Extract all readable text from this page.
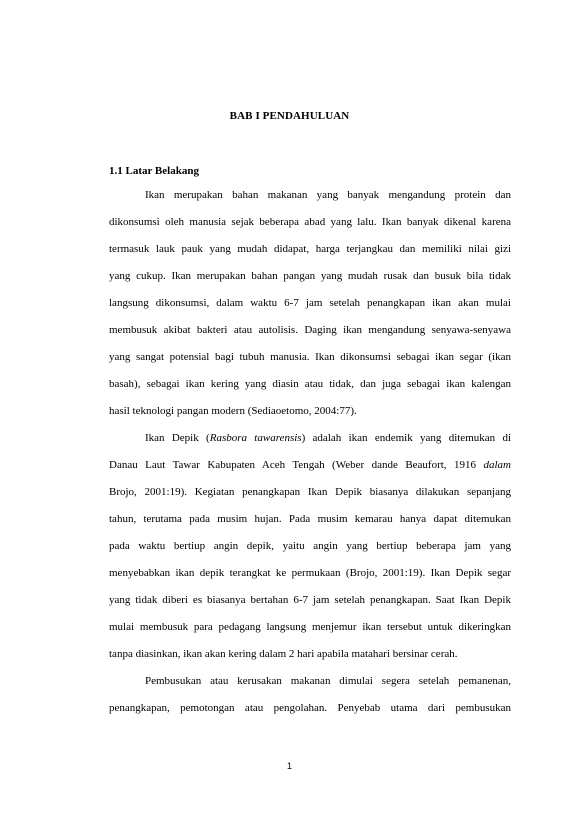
BAB I PENDAHULUAN
1.1 Latar Belakang
Ikan merupakan bahan makanan yang banyak mengandung protein dan
dikonsumsi oleh manusia sejak beberapa abad yang lalu. Ikan banyak dikenal karena
termasuk lauk pauk yang mudah didapat, harga terjangkau dan memiliki nilai gizi
yang cukup. Ikan merupakan bahan pangan yang mudah rusak dan busuk bila tidak
langsung dikonsumsi, dalam waktu 6-7 jam setelah penangkapan ikan akan mulai
membusuk akibat bakteri atau autolisis. Daging ikan mengandung senyawa-senyawa
yang sangat potensial bagi tubuh manusia. Ikan dikonsumsi sebagai ikan segar (ikan
basah), sebagai ikan kering yang diasin atau tidak, dan juga sebagai ikan kalengan
hasil teknologi pangan modern (Sediaoetomo, 2004:77).
Ikan Depik (Rasbora tawarensis) adalah ikan endemik yang ditemukan di
Danau Laut Tawar Kabupaten Aceh Tengah (Weber dande Beaufort, 1916 dalam
Brojo, 2001:19). Kegiatan penangkapan Ikan Depik biasanya dilakukan sepanjang
tahun, terutama pada musim hujan. Pada musim kemarau hanya dapat ditemukan
pada waktu bertiup angin depik, yaitu angin yang bertiup beberapa jam yang
menyebabkan ikan depik terangkat ke permukaan (Brojo, 2001:19). Ikan Depik segar
yang tidak diberi es biasanya bertahan 6-7 jam setelah penangkapan. Saat Ikan Depik
mulai membusuk para pedagang langsung menjemur ikan tersebut untuk dikeringkan
tanpa diasinkan, ikan akan kering dalam 2 hari apabila matahari bersinar cerah.
Pembusukan atau kerusakan makanan dimulai segera setelah pemanenan,
penangkapan, pemotongan atau pengolahan. Penyebab utama dari pembusukan
1
